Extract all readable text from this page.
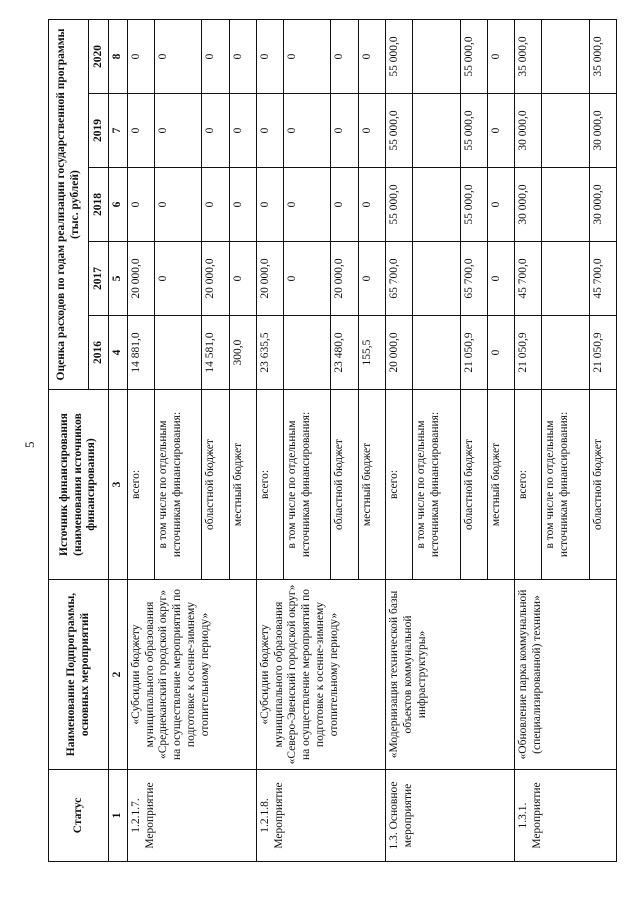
5
Статус	Наименование Подпрограммы, основных мероприятий	Источник финансирования (наименования источников финансирования)	Оценка расходов по годам реализации государственной программы (тыс. рублей)				
			2016	2017	2018	2019	2020
1	2	3	4	5	6	7	8
1.2.1.7. Мероприятие	«Субсидии бюджету муниципального образования «Среднеканский городской округ» на осуществление мероприятий по подготовке к осенне-зимнему отопительному периоду»	всего:	14 881,0	20 000,0	0	0	0
		в том числе по отдельным источникам финансирования:		0	0	0	0
		областной бюджет	14 581,0	20 000,0	0	0	0
		местный бюджет	300,0	0	0	0	0
1.2.1.8. Мероприятие	«Субсидии бюджету муниципального образования «Северо-Эвенский городской округ» на осуществление мероприятий по подготовке к осенне-зимнему отопительному периоду»	всего:	23 635,5	20 000,0	0	0	0
		в том числе по отдельным источникам финансирования:		0	0	0	0
		областной бюджет	23 480,0	20 000,0	0	0	0
		местный бюджет	155,5	0	0	0	0
1.3. Основное мероприятие	«Модернизация технической базы объектов коммунальной инфраструктуры»	всего:	20 000,0	65 700,0	55 000,0	55 000,0	55 000,0
		в том числе по отдельным источникам финансирования:					
		областной бюджет	21 050,9	65 700,0	55 000,0	55 000,0	55 000,0
		местный бюджет	0	0	0	0	0
1.3.1. Мероприятие	«Обновление парка коммунальной (специализированной) техники»	всего:	21 050,9	45 700,0	30 000,0	30 000,0	35 000,0
		в том числе по отдельным источникам финансирования:					
		областной бюджет	21 050,9	45 700,0	30 000,0	30 000,0	35 000,0
